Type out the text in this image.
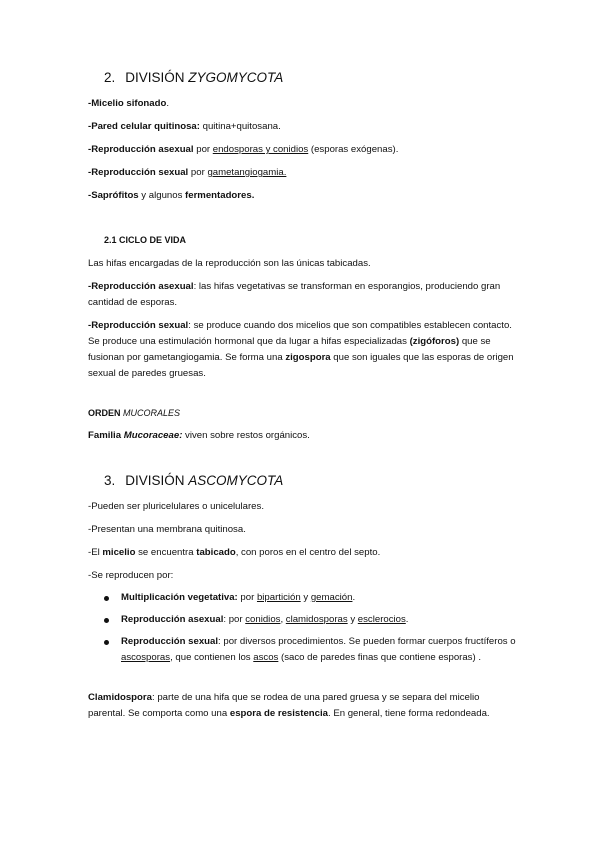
2. DIVISIÓN ZYGOMYCOTA

-Micelio sifonado.

-Pared celular quitinosa: quitina+quitosana.

-Reproducción asexual por endosporas y conidios (esporas exógenas).

-Reproducción sexual por gametangiogamia.

-Saprófitos y algunos fermentadores.

2.1 CICLO DE VIDA

Las hifas encargadas de la reproducción son las únicas tabicadas.

-Reproducción asexual: las hifas vegetativas se transforman en esporangios, produciendo gran cantidad de esporas.

-Reproducción sexual: se produce cuando dos micelios que son compatibles establecen contacto. Se produce una estimulación hormonal que da lugar a hifas especializadas (zigóforos) que se fusionan por gametangiogamia. Se forma una zigospora que son iguales que las esporas de origen sexual de paredes gruesas.

ORDEN MUCORALES

Familia Mucoraceae: viven sobre restos orgánicos.

3. DIVISIÓN ASCOMYCOTA

-Pueden ser pluricelulares o unicelulares.

-Presentan una membrana quitinosa.

-El micelio se encuentra tabicado, con poros en el centro del septo.

-Se reproducen por:

Multiplicación vegetativa: por bipartición y gemación.
Reproducción asexual: por conidios, clamidosporas y esclerocios.
Reproducción sexual: por diversos procedimientos. Se pueden formar cuerpos fructíferos o ascosporas, que contienen los ascos (saco de paredes finas que contiene esporas) .

Clamidospora: parte de una hifa que se rodea de una pared gruesa y se separa del micelio parental. Se comporta como una espora de resistencia. En general, tiene forma redondeada.
